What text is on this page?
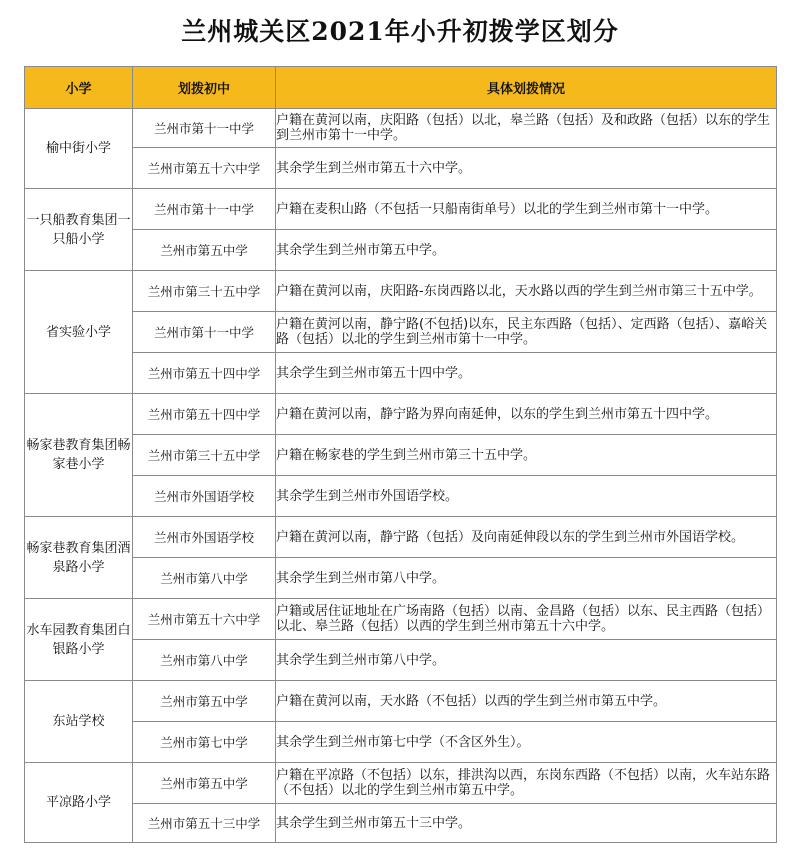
兰州城关区2021年小升初拨学区划分
小学	划拨初中	具体划拨情况
榆中街小学	兰州市第十一中学	户籍在黄河以南，庆阳路（包括）以北，皋兰路（包括）及和政路（包括）以东的学生到兰州市第十一中学。
	兰州市第五十六中学	其余学生到兰州市第五十六中学。
一只船教育集团一只船小学	兰州市第十一中学	户籍在麦积山路（不包括一只船南街单号）以北的学生到兰州市第十一中学。
	兰州市第五中学	其余学生到兰州市第五中学。
省实验小学	兰州市第三十五中学	户籍在黄河以南，庆阳路-东岗西路以北，天水路以西的学生到兰州市第三十五中学。
	兰州市第十一中学	户籍在黄河以南，静宁路(不包括)以东，民主东西路（包括）、定西路（包括）、嘉峪关路（包括）以北的学生到兰州市第十一中学。
	兰州市第五十四中学	其余学生到兰州市第五十四中学。
畅家巷教育集团畅家巷小学	兰州市第五十四中学	户籍在黄河以南，静宁路为界向南延伸，以东的学生到兰州市第五十四中学。
	兰州市第三十五中学	户籍在畅家巷的学生到兰州市第三十五中学。
	兰州市外国语学校	其余学生到兰州市外国语学校。
畅家巷教育集团酒泉路小学	兰州市外国语学校	户籍在黄河以南，静宁路（包括）及向南延伸段以东的学生到兰州市外国语学校。
	兰州市第八中学	其余学生到兰州市第八中学。
水车园教育集团白银路小学	兰州市第五十六中学	户籍或居住证地址在广场南路（包括）以南、金昌路（包括）以东、民主西路（包括）以北、皋兰路（包括）以西的学生到兰州市第五十六中学。
	兰州市第八中学	其余学生到兰州市第八中学。
东站学校	兰州市第五中学	户籍在黄河以南，天水路（不包括）以西的学生到兰州市第五中学。
	兰州市第七中学	其余学生到兰州市第七中学（不含区外生）。
平凉路小学	兰州市第五中学	户籍在平凉路（不包括）以东，排洪沟以西，东岗东西路（不包括）以南，火车站东路（不包括）以北的学生到兰州市第五中学。
	兰州市第五十三中学	其余学生到兰州市第五十三中学。
